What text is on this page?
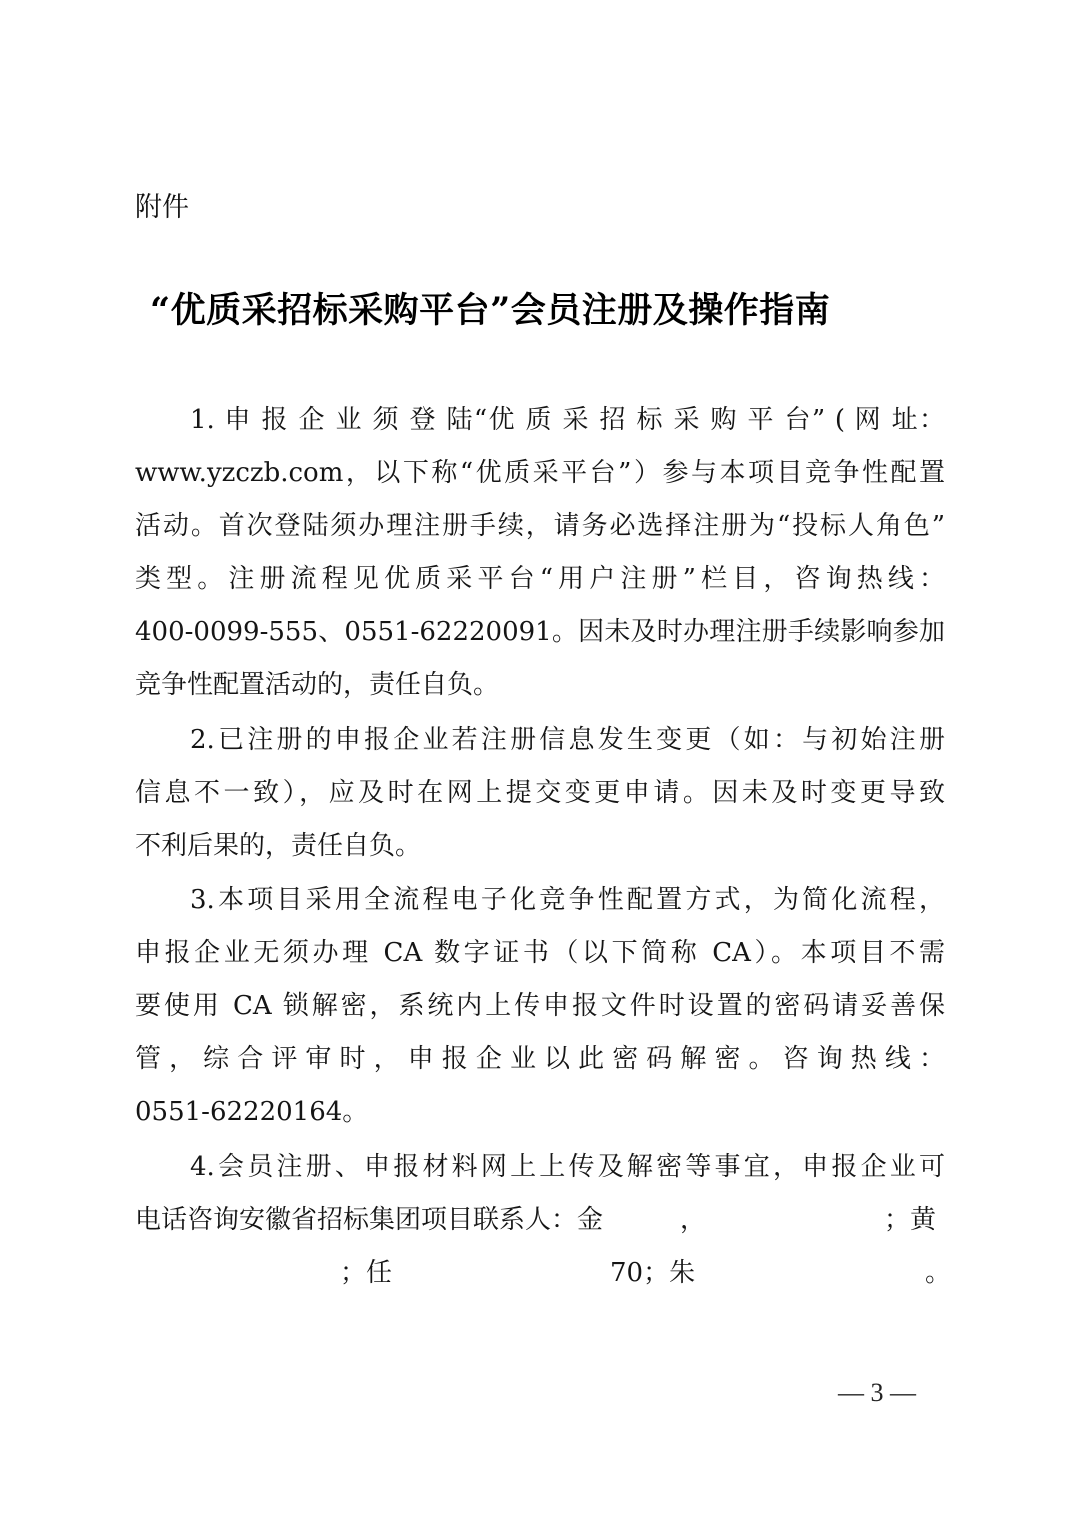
附件
“优质采招标采购平台”会员注册及操作指南
1. 申 报 企 业 须 登 陆“优 质 采 招 标 采 购 平 台” ( 网 址：
www.yzczb.com，以下称“优质采平台”）参与本项目竞争性配置
活动。首次登陆须办理注册手续，请务必选择注册为“投标人角色”
类型。注册流程见优质采平台“用户注册”栏目，咨询热线：
400-0099-555、0551-62220091。因未及时办理注册手续影响参加
竞争性配置活动的，责任自负。
2.已注册的申报企业若注册信息发生变更（如：与初始注册
信息不一致），应及时在网上提交变更申请。因未及时变更导致
不利后果的，责任自负。
3.本项目采用全流程电子化竞争性配置方式，为简化流程，
申报企业无须办理 CA 数字证书（以下简称 CA）。本项目不需
要使用 CA 锁解密，系统内上传申报文件时设置的密码请妥善保
管，综合评审时，申报企业以此密码解密。咨询热线：
0551-62220164。
4.会员注册、申报材料网上上传及解密等事宜，申报企业可
电话咨询安徽省招标集团项目联系人：金	，	；黄
；任	70；朱	。
— 3 —
